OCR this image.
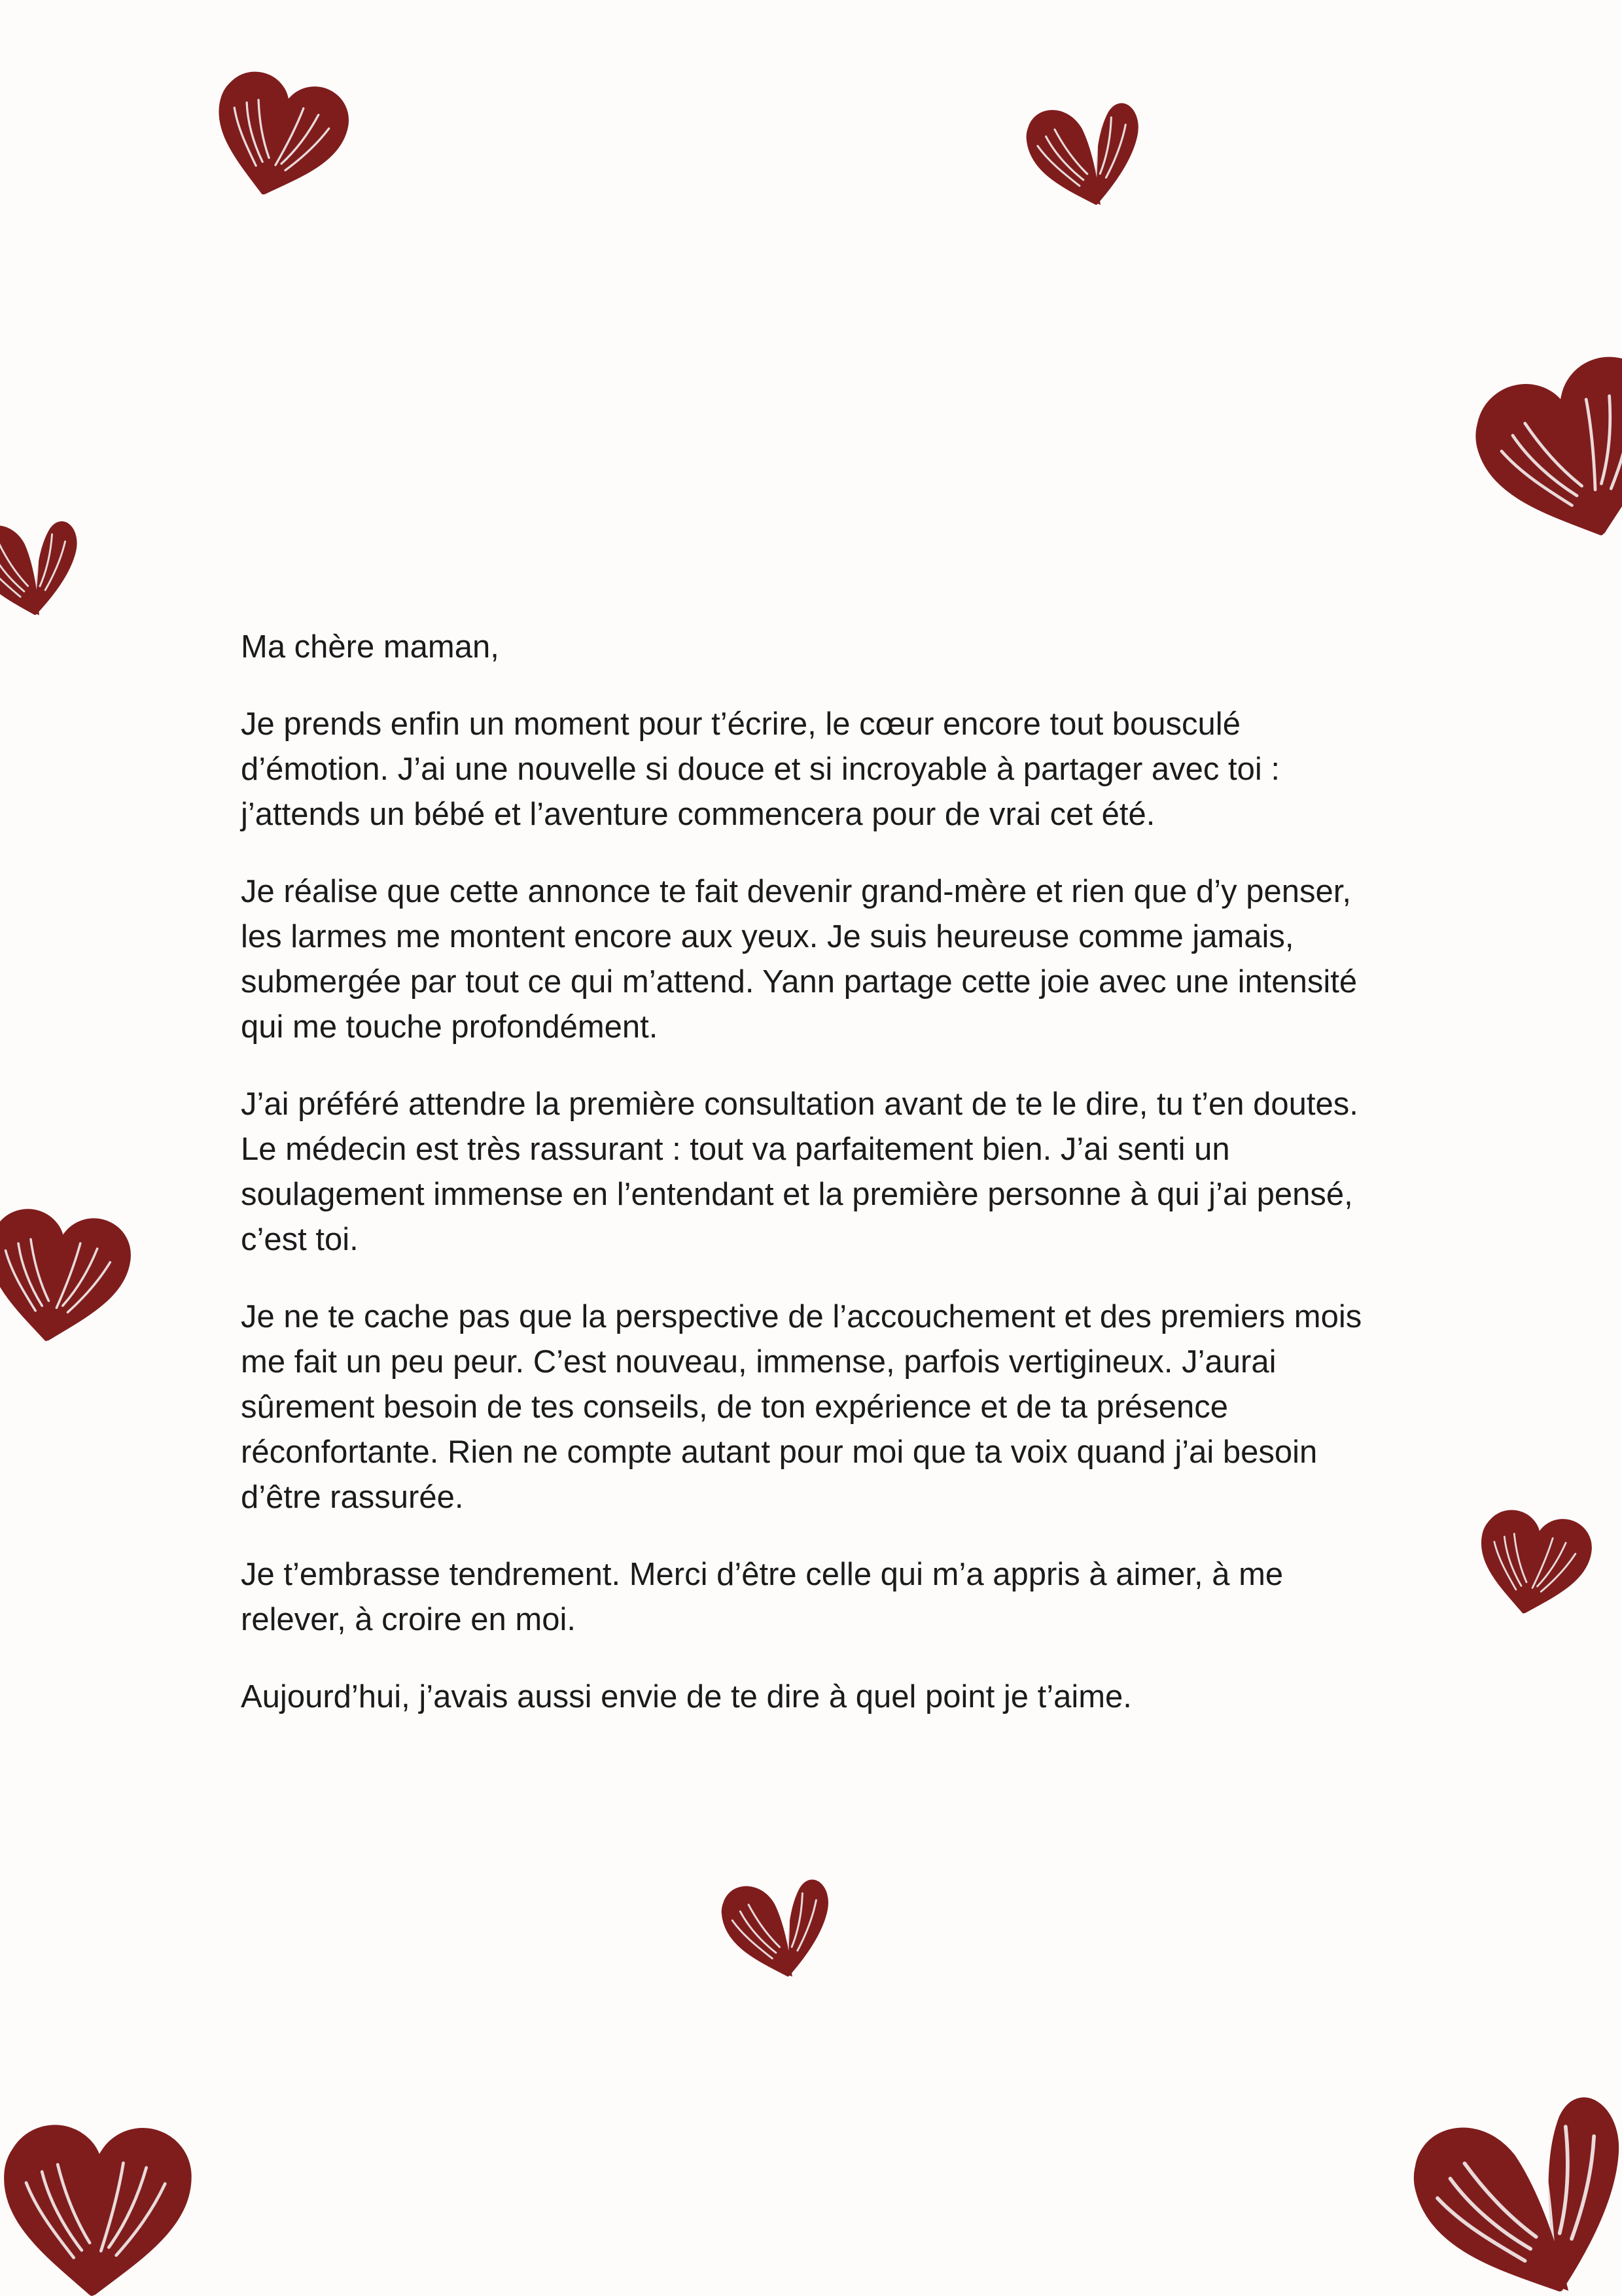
Ma chère maman,

Je prends enfin un moment pour t’écrire, le cœur encore tout bousculé d’émotion. J’ai une nouvelle si douce et si incroyable à partager avec toi : j’attends un bébé et l’aventure commencera pour de vrai cet été.

Je réalise que cette annonce te fait devenir grand-mère et rien que d’y penser, les larmes me montent encore aux yeux. Je suis heureuse comme jamais, submergée par tout ce qui m’attend. Yann partage cette joie avec une intensité qui me touche profondément.

J’ai préféré attendre la première consultation avant de te le dire, tu t’en doutes. Le médecin est très rassurant : tout va parfaitement bien. J’ai senti un soulagement immense en l’entendant et la première personne à qui j’ai pensé, c’est toi.

Je ne te cache pas que la perspective de l’accouchement et des premiers mois me fait un peu peur. C’est nouveau, immense, parfois vertigineux. J’aurai sûrement besoin de tes conseils, de ton expérience et de ta présence réconfortante. Rien ne compte autant pour moi que ta voix quand j’ai besoin d’être rassurée.

Je t’embrasse tendrement. Merci d’être celle qui m’a appris à aimer, à me relever, à croire en moi.

Aujourd’hui, j’avais aussi envie de te dire à quel point je t’aime.
